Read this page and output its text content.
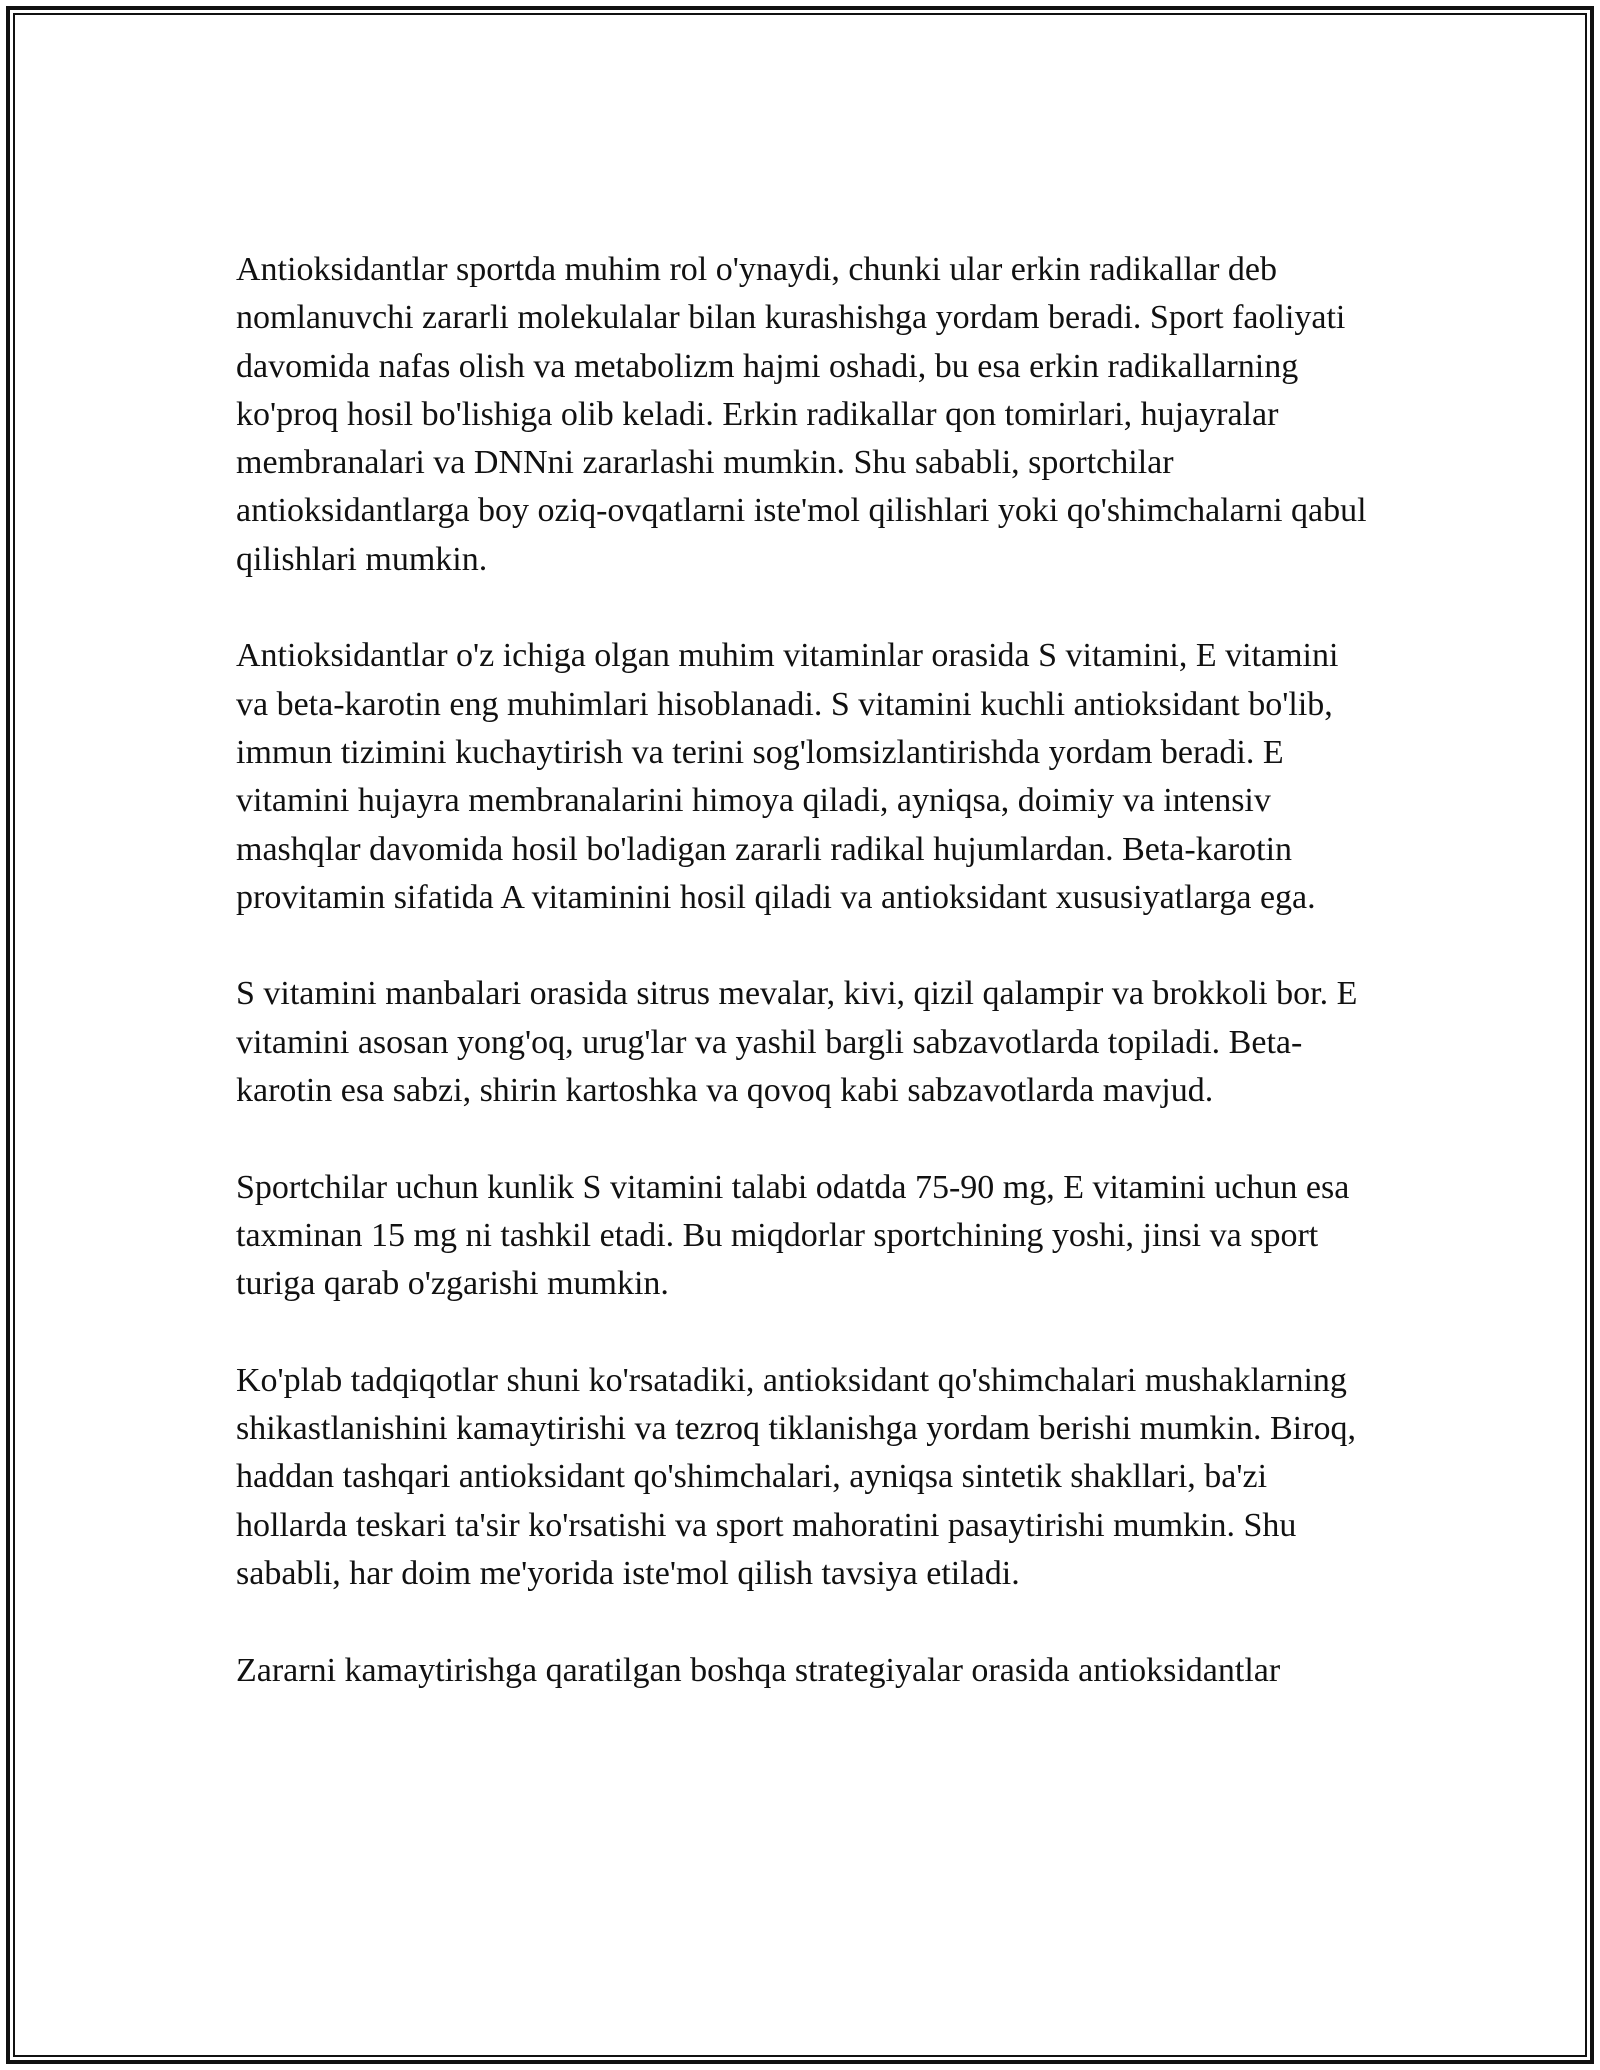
Antioksidantlar sportda muhim rol o'ynaydi, chunki ular erkin radikallar deb nomlanuvchi zararli molekulalar bilan kurashishga yordam beradi. Sport faoliyati davomida nafas olish va metabolizm hajmi oshadi, bu esa erkin radikallarning ko'proq hosil bo'lishiga olib keladi. Erkin radikallar qon tomirlari, hujayralar membranalari va DNNni zararlashi mumkin. Shu sababli, sportchilar antioksidantlarga boy oziq-ovqatlarni iste'mol qilishlari yoki qo'shimchalarni qabul qilishlari mumkin.

Antioksidantlar o'z ichiga olgan muhim vitaminlar orasida S vitamini, E vitamini va beta-karotin eng muhimlari hisoblanadi. S vitamini kuchli antioksidant bo'lib, immun tizimini kuchaytirish va terini sog'lomsizlantirishda yordam beradi. E vitamini hujayra membranalarini himoya qiladi, ayniqsa, doimiy va intensiv mashqlar davomida hosil bo'ladigan zararli radikal hujumlardan. Beta-karotin provitamin sifatida A vitaminini hosil qiladi va antioksidant xususiyatlarga ega.

S vitamini manbalari orasida sitrus mevalar, kivi, qizil qalampir va brokkoli bor. E vitamini asosan yong'oq, urug'lar va yashil bargli sabzavotlarda topiladi. Beta-karotin esa sabzi, shirin kartoshka va qovoq kabi sabzavotlarda mavjud.

Sportchilar uchun kunlik S vitamini talabi odatda 75-90 mg, E vitamini uchun esa taxminan 15 mg ni tashkil etadi. Bu miqdorlar sportchining yoshi, jinsi va sport turiga qarab o'zgarishi mumkin.

Ko'plab tadqiqotlar shuni ko'rsatadiki, antioksidant qo'shimchalari mushaklarning shikastlanishini kamaytirishi va tezroq tiklanishga yordam berishi mumkin. Biroq, haddan tashqari antioksidant qo'shimchalari, ayniqsa sintetik shakllari, ba'zi hollarda teskari ta'sir ko'rsatishi va sport mahoratini pasaytirishi mumkin. Shu sababli, har doim me'yorida iste'mol qilish tavsiya etiladi.

Zararni kamaytirishga qaratilgan boshqa strategiyalar orasida antioksidantlar
